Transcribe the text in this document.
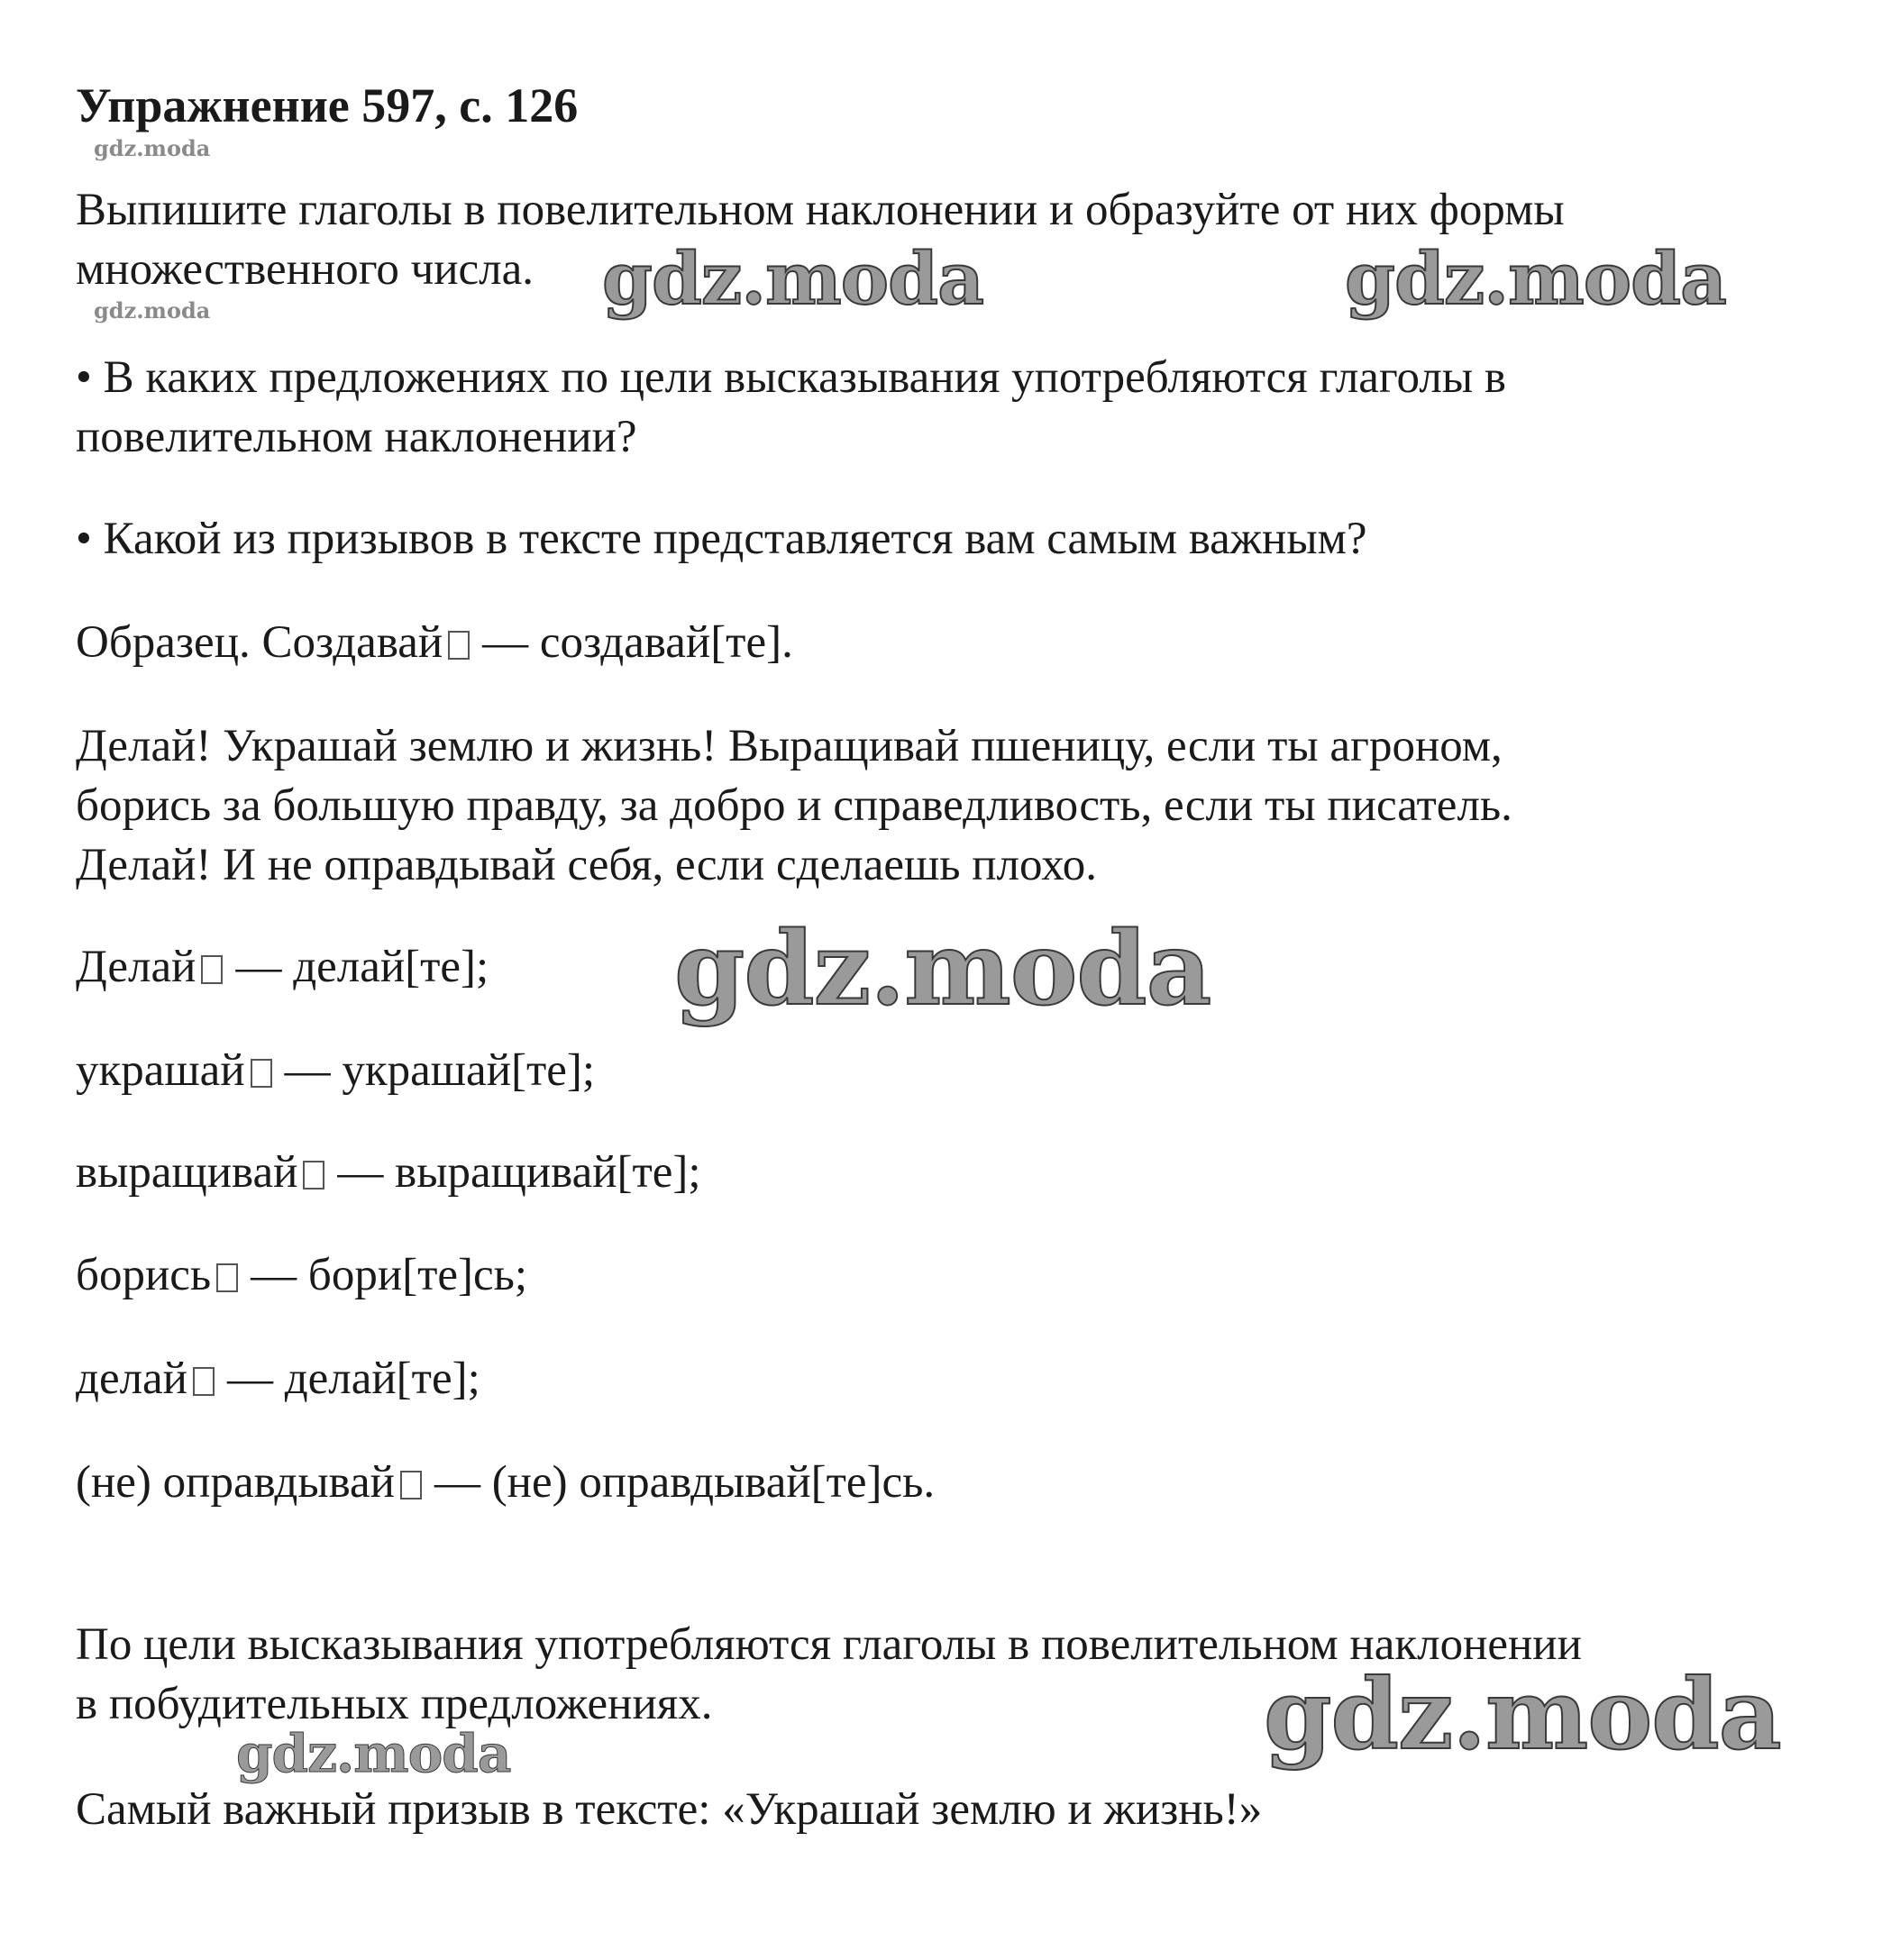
Упражнение 597, с. 126

gdz.moda

Выпишите глаголы в повелительном наклонении и образуйте от них формы

множественного числа.

gdz.moda	gdz.moda	gdz.moda

• В каких предложениях по цели высказывания употребляются глаголы в

повелительном наклонении?

• Какой из призывов в тексте представляется вам самым важным?

Образец. Создавай — создавай[те].

Делай! Украшай землю и жизнь! Выращивай пшеницу, если ты агроном,

борись за большую правду, за добро и справедливость, если ты писатель.

Делай! И не оправдывай себя, если сделаешь плохо.

Делай — делай[те]; gdz.moda

украшай — украшай[те];

выращивай — выращивай[те];

борись — бори[те]сь;

делай — делай[те];

(не) оправдывай — (не) оправдывай[те]сь.

По цели высказывания употребляются глаголы в повелительном наклонении

в побудительных предложениях.	gdz.moda
gdz.moda

Самый важный призыв в тексте: «Украшай землю и жизнь!»
